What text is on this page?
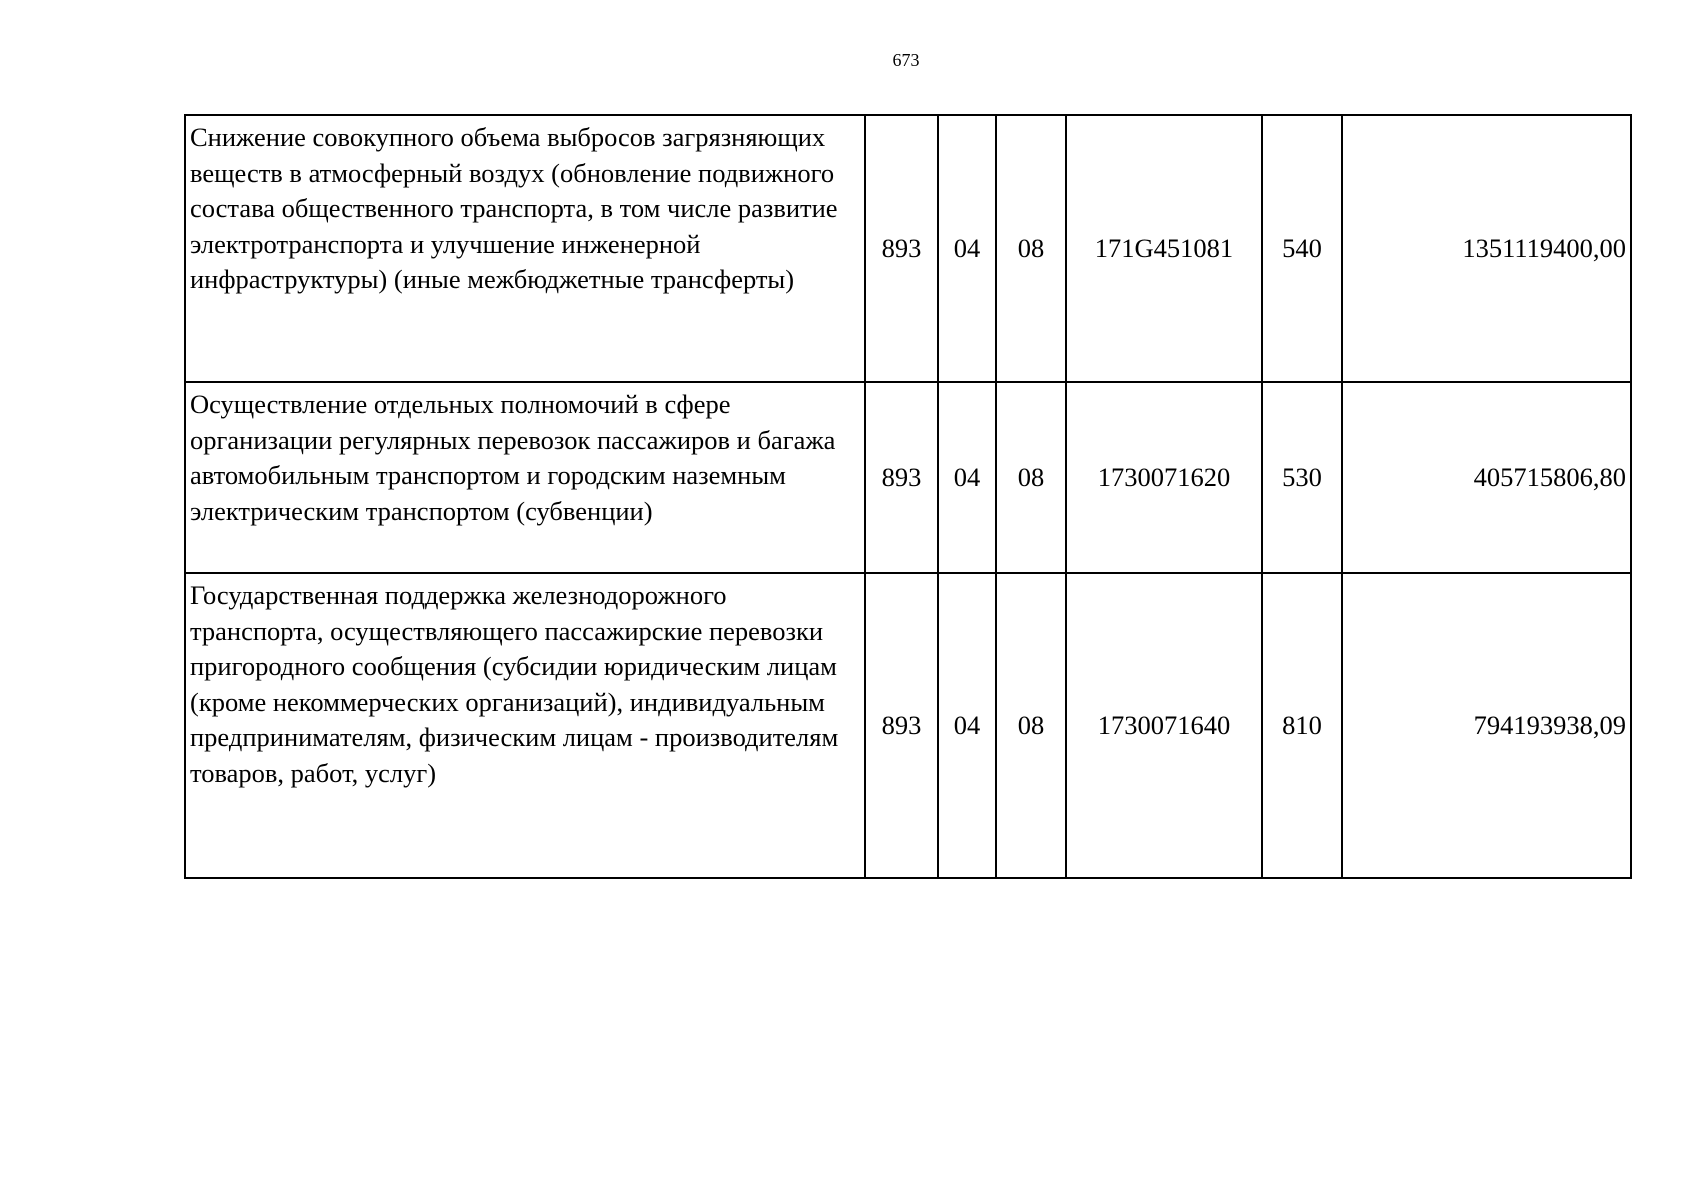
673
Снижение совокупного объема выбросов загрязняющих веществ в атмосферный воздух (обновление подвижного состава общественного транспорта, в том числе развитие электротранспорта и улучшение инженерной инфраструктуры) (иные межбюджетные трансферты)	893	04	08	171G451081	540	1351119400,00
Осуществление отдельных полномочий в сфере организации регулярных перевозок пассажиров и багажа автомобильным транспортом и городским наземным электрическим транспортом (субвенции)	893	04	08	1730071620	530	405715806,80
Государственная поддержка железнодорожного транспорта, осуществляющего пассажирские перевозки пригородного сообщения (субсидии юридическим лицам (кроме некоммерческих организаций), индивидуальным предпринимателям, физическим лицам - производителям товаров, работ, услуг)	893	04	08	1730071640	810	794193938,09
